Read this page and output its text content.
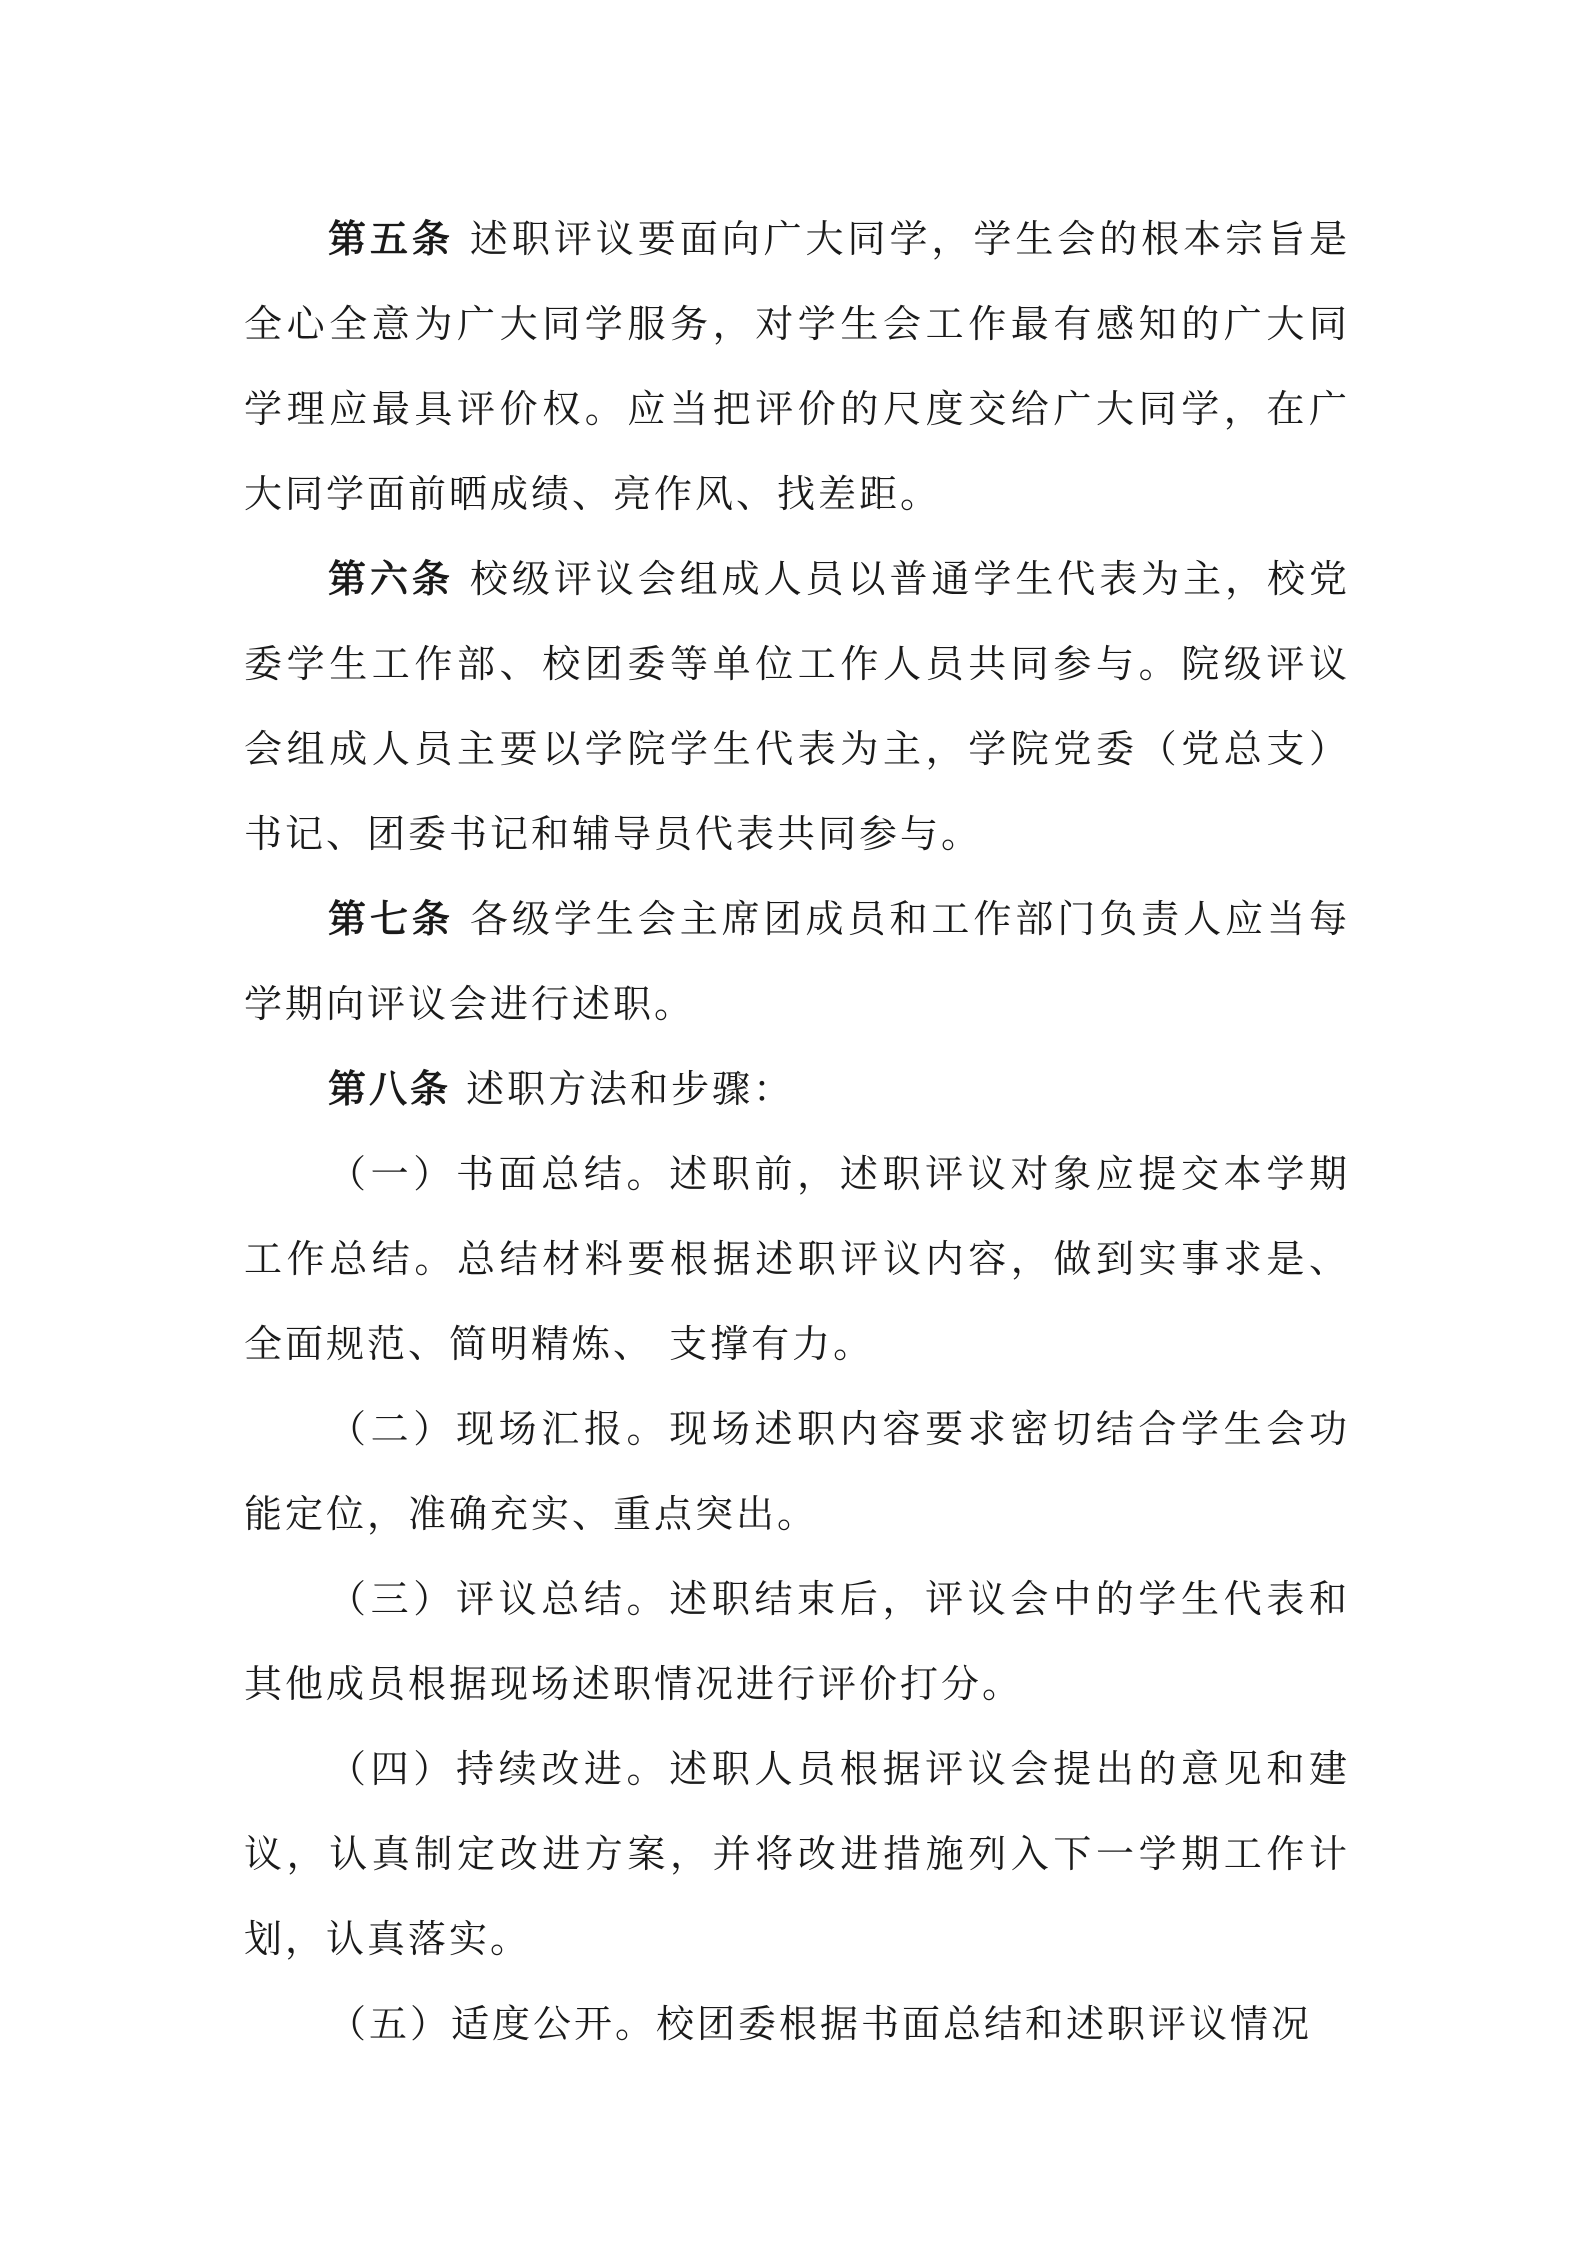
第五条 述职评议要面向广大同学，学生会的根本宗旨是全心全意为广大同学服务，对学生会工作最有感知的广大同学理应最具评价权。应当把评价的尺度交给广大同学，在广大同学面前晒成绩、亮作风、找差距。

第六条 校级评议会组成人员以普通学生代表为主，校党委学生工作部、校团委等单位工作人员共同参与。院级评议会组成人员主要以学院学生代表为主，学院党委（党总支）书记、团委书记和辅导员代表共同参与。

第七条 各级学生会主席团成员和工作部门负责人应当每学期向评议会进行述职。

第八条 述职方法和步骤：

（一）书面总结。述职前，述职评议对象应提交本学期工作总结。总结材料要根据述职评议内容，做到实事求是、全面规范、简明精炼、 支撑有力。

（二）现场汇报。现场述职内容要求密切结合学生会功能定位，准确充实、重点突出。

（三）评议总结。述职结束后，评议会中的学生代表和其他成员根据现场述职情况进行评价打分。

（四）持续改进。述职人员根据评议会提出的意见和建议，认真制定改进方案，并将改进措施列入下一学期工作计划，认真落实。

（五）适度公开。校团委根据书面总结和述职评议情况
